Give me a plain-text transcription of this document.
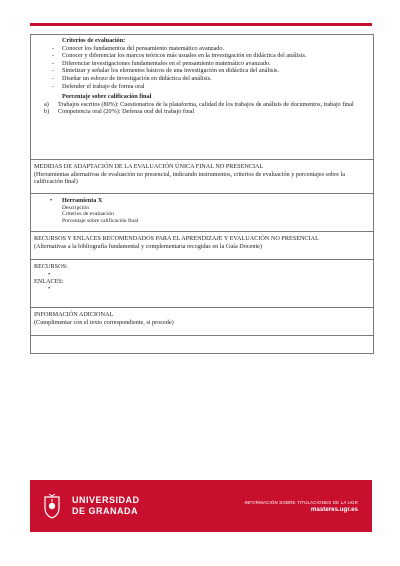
Criterios de evaluación:
- Conocer los fundamentos del pensamiento matemático avanzado.
- Conocer y diferenciar los marcos teóricos más usuales en la investigación en didáctica del análisis.
- Diferenciar investigaciones fundamentales en el pensamiento matemático avanzado.
- Sintetizar y señalar los elementos básicos de una investigación en didáctica del análisis.
- Diseñar un esbozo de investigación en didáctica del análisis.
- Defender el trabajo de forma oral
Porcentaje sobre calificación final
a) Trabajos escritos (80%): Cuestionarios de la plataforma, calidad de los trabajos de análisis de documentos, trabajo final
b) Competencia oral (20%): Defensa oral del trabajo final
MEDIDAS DE ADAPTACIÓN DE LA EVALUACIÓN ÚNICA FINAL NO PRESENCIAL
(Herramientas alternativas de evaluación no presencial, indicando instrumentos, criterios de evaluación y porcentajes sobre la calificación final)
• Herramienta X
Descripción
Criterios de evaluación
Porcentaje sobre calificación final
RECURSOS Y ENLACES RECOMENDADOS PARA EL APRENDIZAJE Y EVALUACIÓN NO PRESENCIAL
(Alternativas a la bibliografía fundamental y complementaria recogidas en la Guía Docente)
RECURSOS:
•
ENLACES:
•
INFORMACIÓN ADICIONAL
(Cumplimentar con el texto correspondiente, si procede)
UNIVERSIDAD
DE GRANADA
INFORMACIÓN SOBRE TITULACIONES DE LA UGR
masteres.ugr.es
